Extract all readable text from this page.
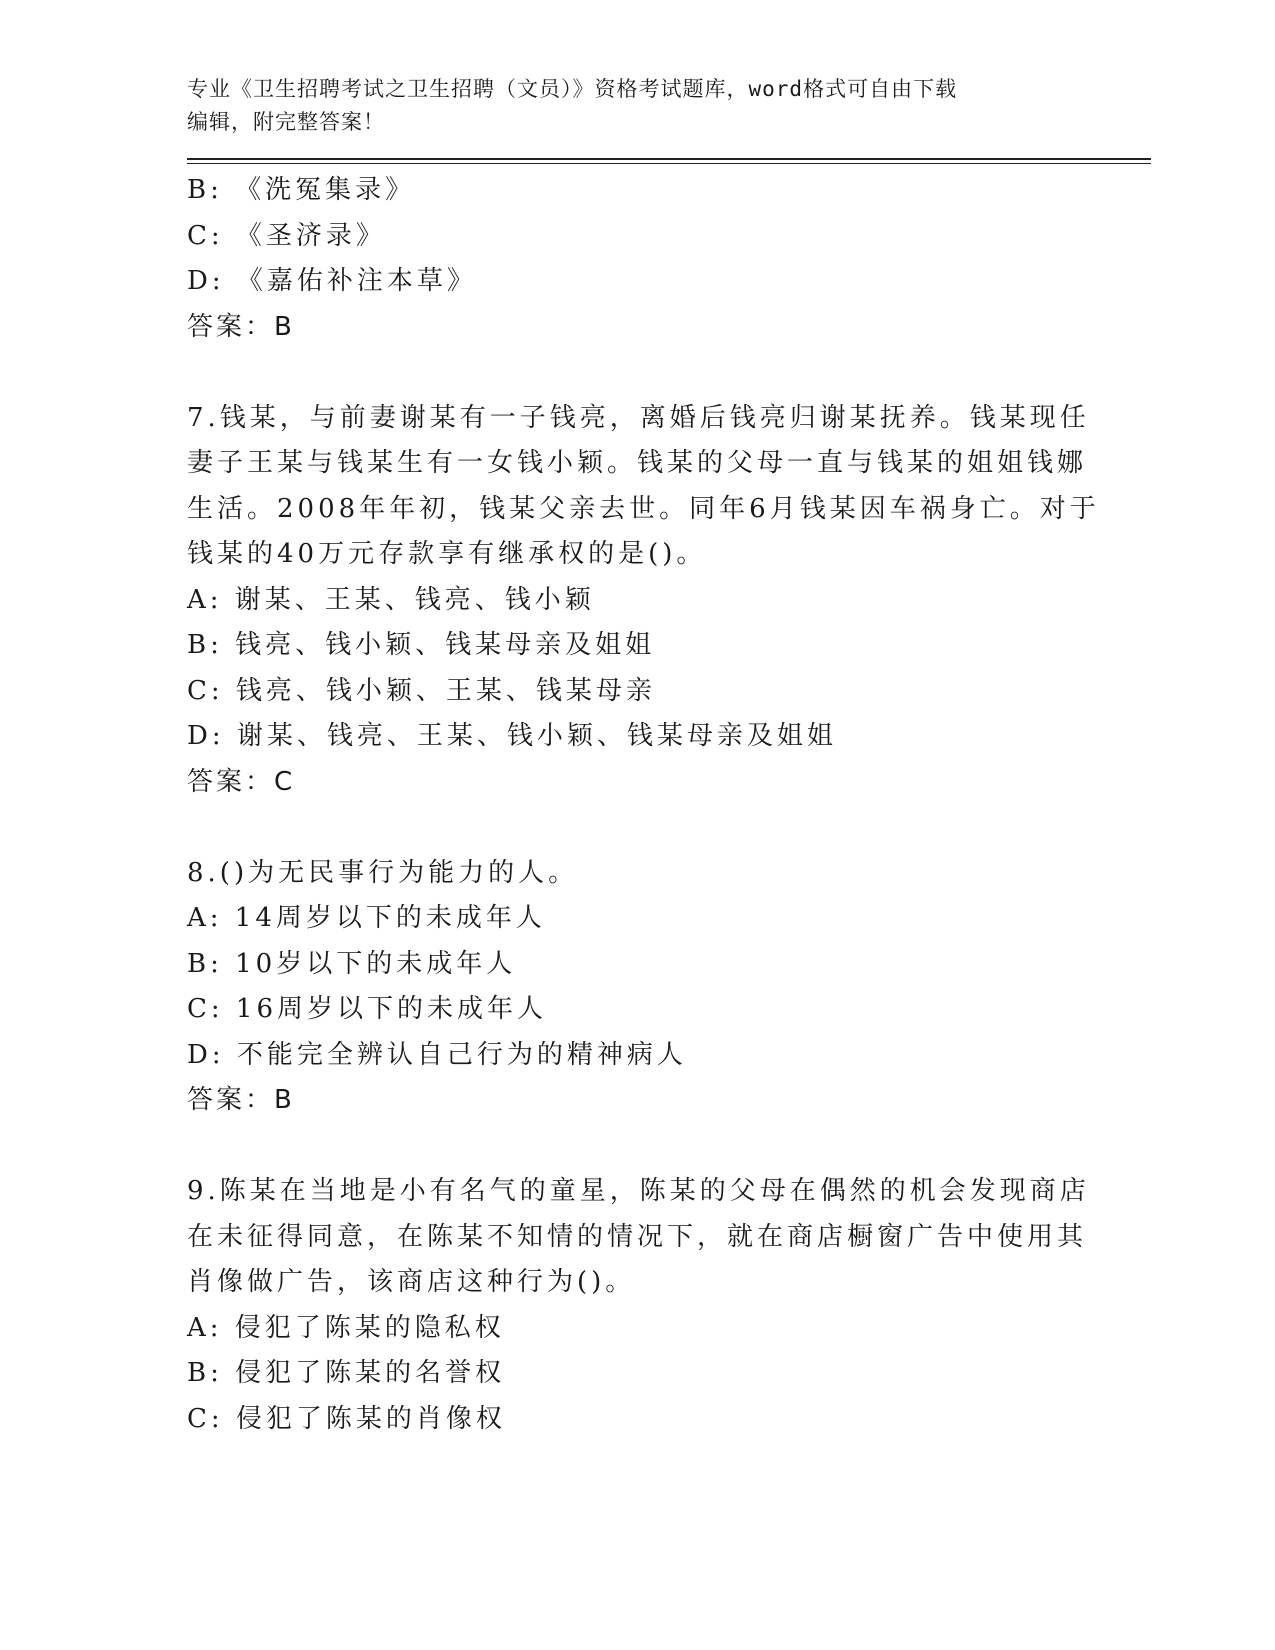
专业《卫生招聘考试之卫生招聘（文员）》资格考试题库，word格式可自由下载
编辑，附完整答案！
B: 《洗冤集录》
C: 《圣济录》
D: 《嘉佑补注本草》
答案：B
7.钱某，与前妻谢某有一子钱亮，离婚后钱亮归谢某抚养。钱某现任
妻子王某与钱某生有一女钱小颖。钱某的父母一直与钱某的姐姐钱娜
生活。2008年年初，钱某父亲去世。同年6月钱某因车祸身亡。对于
钱某的40万元存款享有继承权的是()。
A: 谢某、王某、钱亮、钱小颖
B: 钱亮、钱小颖、钱某母亲及姐姐
C: 钱亮、钱小颖、王某、钱某母亲
D: 谢某、钱亮、王某、钱小颖、钱某母亲及姐姐
答案：C
8.()为无民事行为能力的人。
A: 14周岁以下的未成年人
B: 10岁以下的未成年人
C: 16周岁以下的未成年人
D: 不能完全辨认自己行为的精神病人
答案：B
9.陈某在当地是小有名气的童星，陈某的父母在偶然的机会发现商店
在未征得同意，在陈某不知情的情况下，就在商店橱窗广告中使用其
肖像做广告，该商店这种行为()。
A: 侵犯了陈某的隐私权
B: 侵犯了陈某的名誉权
C: 侵犯了陈某的肖像权
